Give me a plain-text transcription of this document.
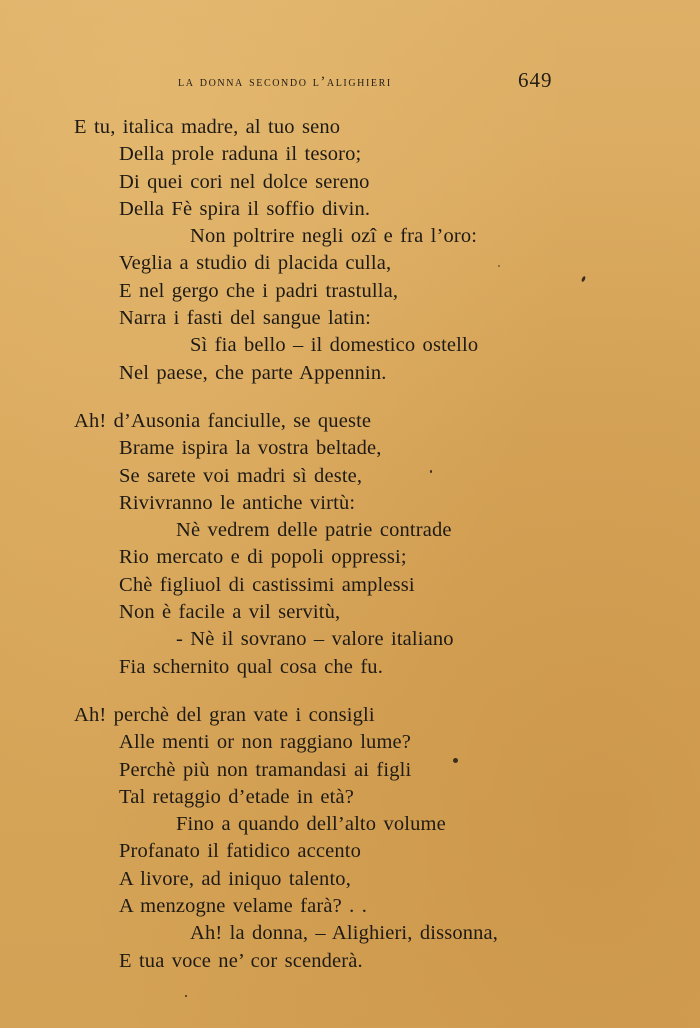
la donna secondo l’alighieri	649
E tu, italica madre, al tuo seno
Della prole raduna il tesoro;
Di quei cori nel dolce sereno
Della Fè spira il soffio divin.
Non poltrire negli ozî e fra l’oro:
Veglia a studio di placida culla,
E nel gergo che i padri trastulla,
Narra i fasti del sangue latin:
Sì fia bello – il domestico ostello
Nel paese, che parte Appennin.
Ah! d’Ausonia fanciulle, se queste
Brame ispira la vostra beltade,
Se sarete voi madri sì deste,
Rivivranno le antiche virtù:
Nè vedrem delle patrie contrade
Rio mercato e di popoli oppressi;
Chè figliuol di castissimi amplessi
Non è facile a vil servitù,
- Nè il sovrano – valore italiano
Fia schernito qual cosa che fu.
Ah! perchè del gran vate i consigli
Alle menti or non raggiano lume?
Perchè più non tramandasi ai figli
Tal retaggio d’etade in età?
Fino a quando dell’alto volume
Profanato il fatidico accento
A livore, ad iniquo talento,
A menzogne velame farà? . .
Ah! la donna, – Alighieri, dissonna,
E tua voce ne’ cor scenderà.
